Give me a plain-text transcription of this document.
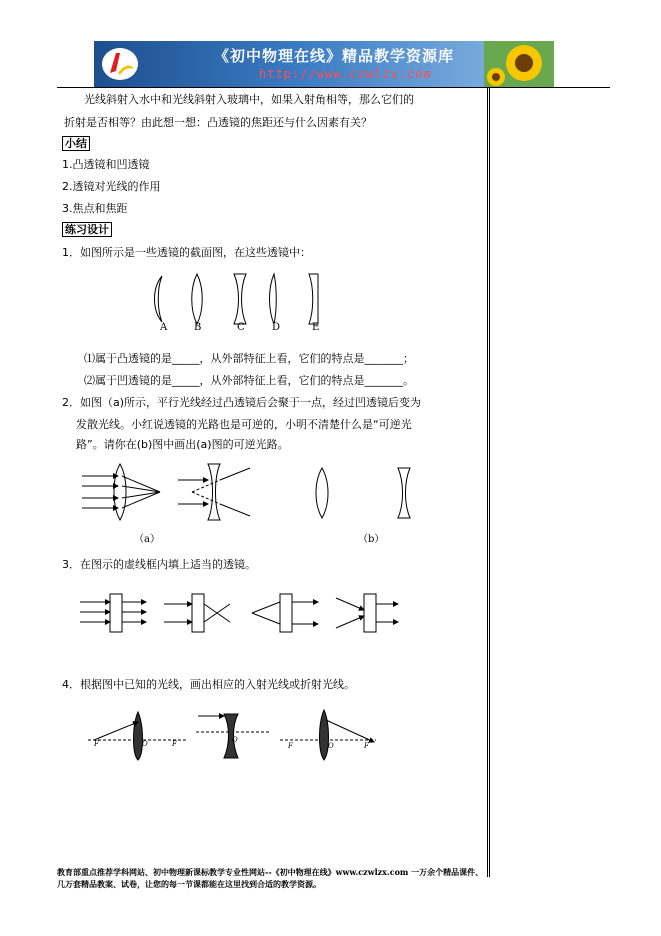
《初中物理在线》精品教学资源库
http://www.czwlzx.com
光线斜射入水中和光线斜射入玻璃中，如果入射角相等，那么它们的
折射是否相等？由此想一想：凸透镜的焦距还与什么因素有关？
小结
1.凸透镜和凹透镜
2.透镜对光线的作用
3.焦点和焦距
练习设计
1．如图所示是一些透镜的截面图，在这些透镜中：
A	B	C	D	E
⑴属于凸透镜的是_____，从外部特征上看，它们的特点是_______；
⑵属于凹透镜的是_____，从外部特征上看，它们的特点是_______。
2．如图（a)所示，平行光线经过凸透镜后会聚于一点，经过凹透镜后变为
发散光线。小红说透镜的光路也是可逆的，小明不清楚什么是“可逆光
路”。请你在(b)图中画出(a)图的可逆光路。
（a）	（b）
3．在图示的虚线框内填上适当的透镜。
4．根据图中已知的光线，画出相应的入射光线或折射光线。
F	O	F	O
F	O	F
教育部重点推荐学科网站、初中物理新课标教学专业性网站--《初中物理在线》www.czwlzx.com 一万余个精品课件、
几万套精品教案、试卷，让您的每一节课都能在这里找到合适的教学资源。
